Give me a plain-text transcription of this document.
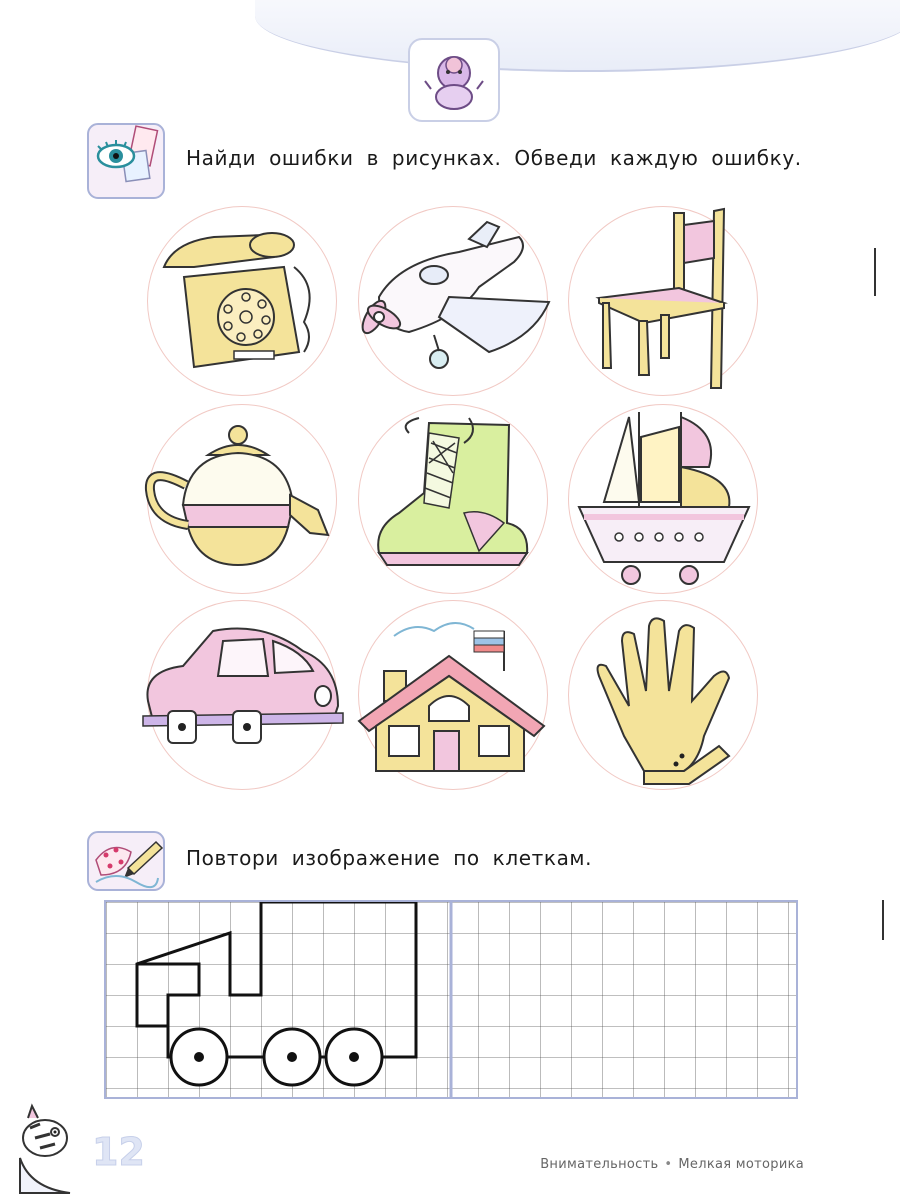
Найди ошибки в рисунках. Обведи каждую ошибку.
Повтори изображение по клеткам.
12	Внимательность • Мелкая моторика
